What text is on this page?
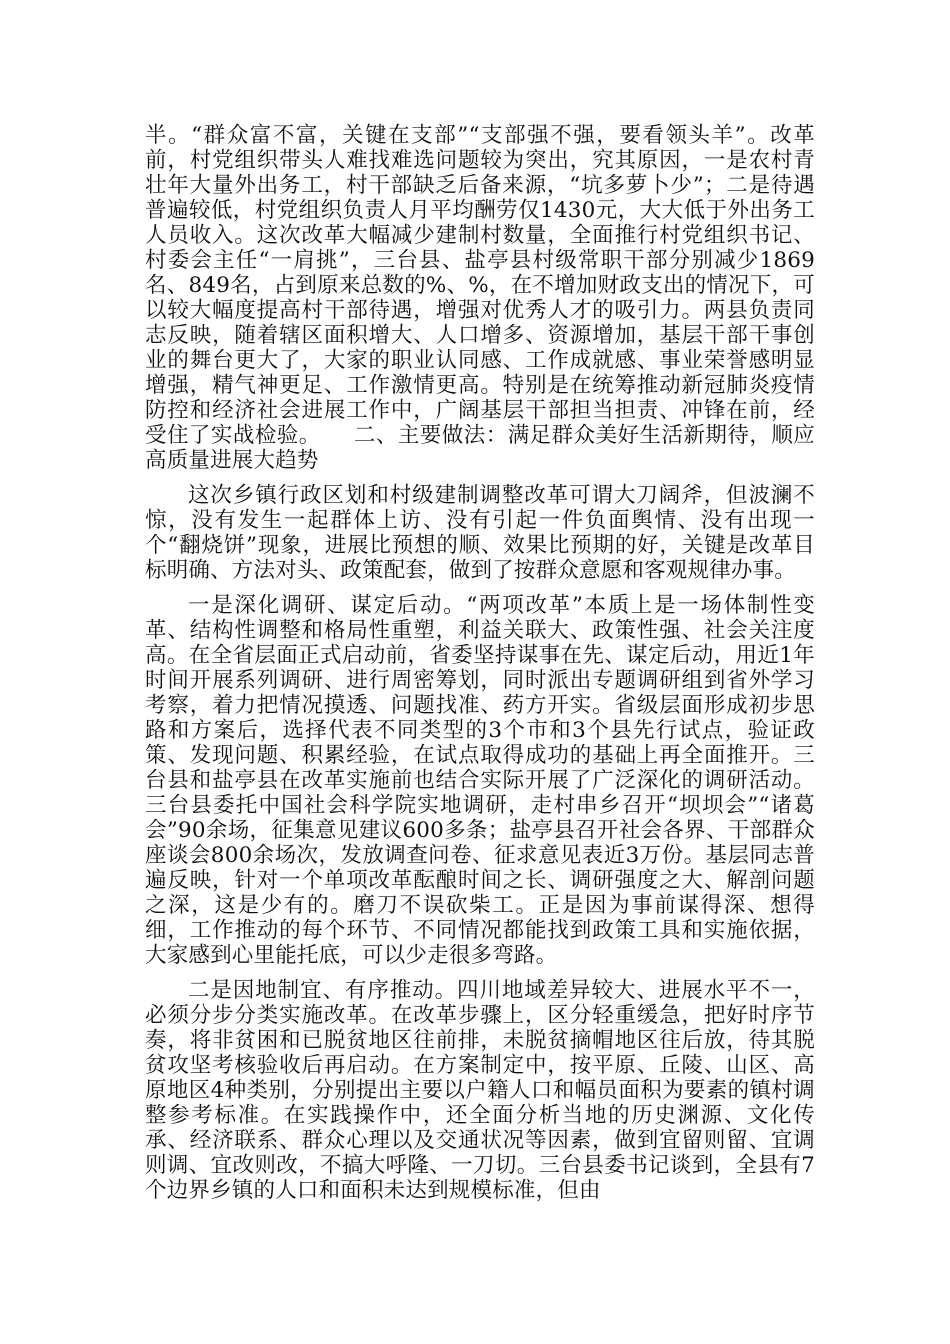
半。“群众富不富，关键在支部”“支部强不强，要看领头羊”。改革前，村党组织带头人难找难选问题较为突出，究其原因，一是农村青壮年大量外出务工，村干部缺乏后备来源，“坑多萝卜少”；二是待遇普遍较低，村党组织负责人月平均酬劳仅1430元，大大低于外出务工人员收入。这次改革大幅减少建制村数量，全面推行村党组织书记、村委会主任“一肩挑”，三台县、盐亭县村级常职干部分别减少1869名、849名，占到原来总数的%、%，在不增加财政支出的情况下，可以较大幅度提高村干部待遇，增强对优秀人才的吸引力。两县负责同志反映，随着辖区面积增大、人口增多、资源增加，基层干部干事创业的舞台更大了，大家的职业认同感、工作成就感、事业荣誉感明显增强，精气神更足、工作激情更高。特别是在统筹推动新冠肺炎疫情防控和经济社会进展工作中，广阔基层干部担当担责、冲锋在前，经受住了实战检验。　　二、主要做法：满足群众美好生活新期待，顺应高质量进展大趋势

这次乡镇行政区划和村级建制调整改革可谓大刀阔斧，但波澜不惊，没有发生一起群体上访、没有引起一件负面舆情、没有出现一个“翻烧饼”现象，进展比预想的顺、效果比预期的好，关键是改革目标明确、方法对头、政策配套，做到了按群众意愿和客观规律办事。

一是深化调研、谋定后动。“两项改革”本质上是一场体制性变革、结构性调整和格局性重塑，利益关联大、政策性强、社会关注度高。在全省层面正式启动前，省委坚持谋事在先、谋定后动，用近1年时间开展系列调研、进行周密筹划，同时派出专题调研组到省外学习考察，着力把情况摸透、问题找准、药方开实。省级层面形成初步思路和方案后，选择代表不同类型的3个市和3个县先行试点，验证政策、发现问题、积累经验，在试点取得成功的基础上再全面推开。三台县和盐亭县在改革实施前也结合实际开展了广泛深化的调研活动。三台县委托中国社会科学院实地调研，走村串乡召开“坝坝会”“诸葛会”90余场，征集意见建议600多条；盐亭县召开社会各界、干部群众座谈会800余场次，发放调查问卷、征求意见表近3万份。基层同志普遍反映，针对一个单项改革酝酿时间之长、调研强度之大、解剖问题之深，这是少有的。磨刀不误砍柴工。正是因为事前谋得深、想得细，工作推动的每个环节、不同情况都能找到政策工具和实施依据，大家感到心里能托底，可以少走很多弯路。

二是因地制宜、有序推动。四川地域差异较大、进展水平不一，必须分步分类实施改革。在改革步骤上，区分轻重缓急，把好时序节奏，将非贫困和已脱贫地区往前排，未脱贫摘帽地区往后放，待其脱贫攻坚考核验收后再启动。在方案制定中，按平原、丘陵、山区、高原地区4种类别，分别提出主要以户籍人口和幅员面积为要素的镇村调整参考标准。在实践操作中，还全面分析当地的历史渊源、文化传承、经济联系、群众心理以及交通状况等因素，做到宜留则留、宜调则调、宜改则改，不搞大呼隆、一刀切。三台县委书记谈到，全县有7个边界乡镇的人口和面积未达到规模标准，但由
